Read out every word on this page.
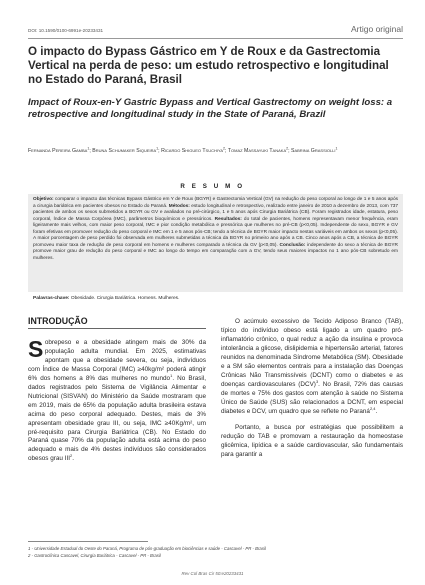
DOI: 10.1590/0100-6991e-20233431	Artigo original
O impacto do Bypass Gástrico em Y de Roux e da Gastrectomia Vertical na perda de peso: um estudo retrospectivo e longitudinal no Estado do Paraná, Brasil
Impact of Roux-en-Y Gastric Bypass and Vertical Gastrectomy on weight loss: a retrospective and longitudinal study in the State of Paraná, Brazil
Fernanda Pereira Gamba$^1$; Bruna Schumaker Siqueira$^1$; Ricardo Shigueo Tsuchiya$^2$; Tomaz Massayuki Tanaka$^2$; Sabrina Grassiolli$^1$
R E S U M O

Objetivo: comparar o impacto das técnicas Bypass Gástrico em Y de Roux (BGYR) e Gastrectomia Vertical (GV) na redução do peso corporal ao longo de 1 e 5 anos após a cirurgia bariátrica em pacientes obesos no Estado do Paraná. Métodos: estudo longitudinal e retrospectivo, realizado entre janeiro de 2010 a dezembro de 2013, com 737 pacientes de ambos os sexos submetidos a BGYR ou GV e avaliados no pré-cirúrgico, 1 e 5 anos após Cirurgia Bariátrica (CB). Foram registrados idade, estatura, peso corporal, Índice de Massa Corpórea (IMC), parâmetros bioquímicos e pressóricos. Resultados: do total de pacientes, homens representavam menor frequência, eram ligeiramente mais velhos, com maior peso corporal, IMC e pior condição metabólica e pressórica que mulheres no pré-CB (p<0,05). Independente do sexo, BGYR e GV foram efetivas em promover redução do peso corporal e IMC em 1 e 5 anos pós-CB; tendo a técnica de BGYR maior impacto nestas variáveis em ambos os sexos (p<0,05). A maior porcentagem de peso perdido foi observada em mulheres submetidas a técnica da BGYR no primeiro ano após a CB. Cinco anos após a CB, a técnica de BGYR promoveu maior taxa de redução de peso corporal em homens e mulheres comparado a técnica da GV (p<0,05). Conclusão: independente do sexo a técnica de BGYR promove maior grau de redução do peso corporal e IMC ao longo do tempo em comparação com a GV, tendo seus maiores impactos no 1 ano pós-CB sobretudo em mulheres.

Palavras-chave: Obesidade. Cirurgia Bariátrica. Homens. Mulheres.
INTRODUÇÃO

Sobrepeso e a obesidade atingem mais de 30% da população adulta mundial. Em 2025, estimativas apontam que a obesidade severa, ou seja, indivíduos com Índice de Massa Corporal (IMC) ≥40kg/m² poderá atingir 6% dos homens a 8% das mulheres no mundo$^1$. No Brasil, dados registrados pelo Sistema de Vigilância Alimentar e Nutricional (SISVAN) do Ministério da Saúde mostraram que em 2019, mais de 65% da população adulta brasileira estava acima do peso corporal adequado. Destes, mais de 3% apresentam obesidade grau III, ou seja, IMC ≥40Kg/m², um pré-requisito para Cirurgia Bariátrica (CB). No Estado do Paraná quase 70% da população adulta está acima do peso adequado e mais de 4% destes indivíduos são considerados obesos grau III$^2$.

O acúmulo excessivo de Tecido Adiposo Branco (TAB), típico do indivíduo obeso está ligado a um quadro pró-inflamatório crônico, o qual reduz a ação da insulina e provoca intolerância a glicose, dislipidemia e hipertensão arterial, fatores reunidos na denominada Síndrome Metabólica (SM). Obesidade e a SM são elementos centrais para a instalação das Doenças Crônicas Não Transmissíveis (DCNT) como o diabetes e as doenças cardiovasculares (DCV)$^3$. No Brasil, 72% das causas de mortes e 75% dos gastos com atenção à saúde no Sistema Único de Saúde (SUS) são relacionados a DCNT, em especial diabetes e DCV, um quadro que se reflete no Paraná$^{2,4}$.

Portanto, a busca por estratégias que possibilitem a redução do TAB e promovam a restauração da homeostase glicêmica, lipídica e a saúde cardiovascular, são fundamentais para garantir a

1 - Universidade Estadual do Oeste do Paraná, Programa de pós-graduação em biociências e saúde - Cascavel - PR - Brasil
2 - Gastroclínica Cascavel, Cirurgia Bariátrica - Cascavel - PR - Brasil
Rev Col Bras Cir 50:e20233431
